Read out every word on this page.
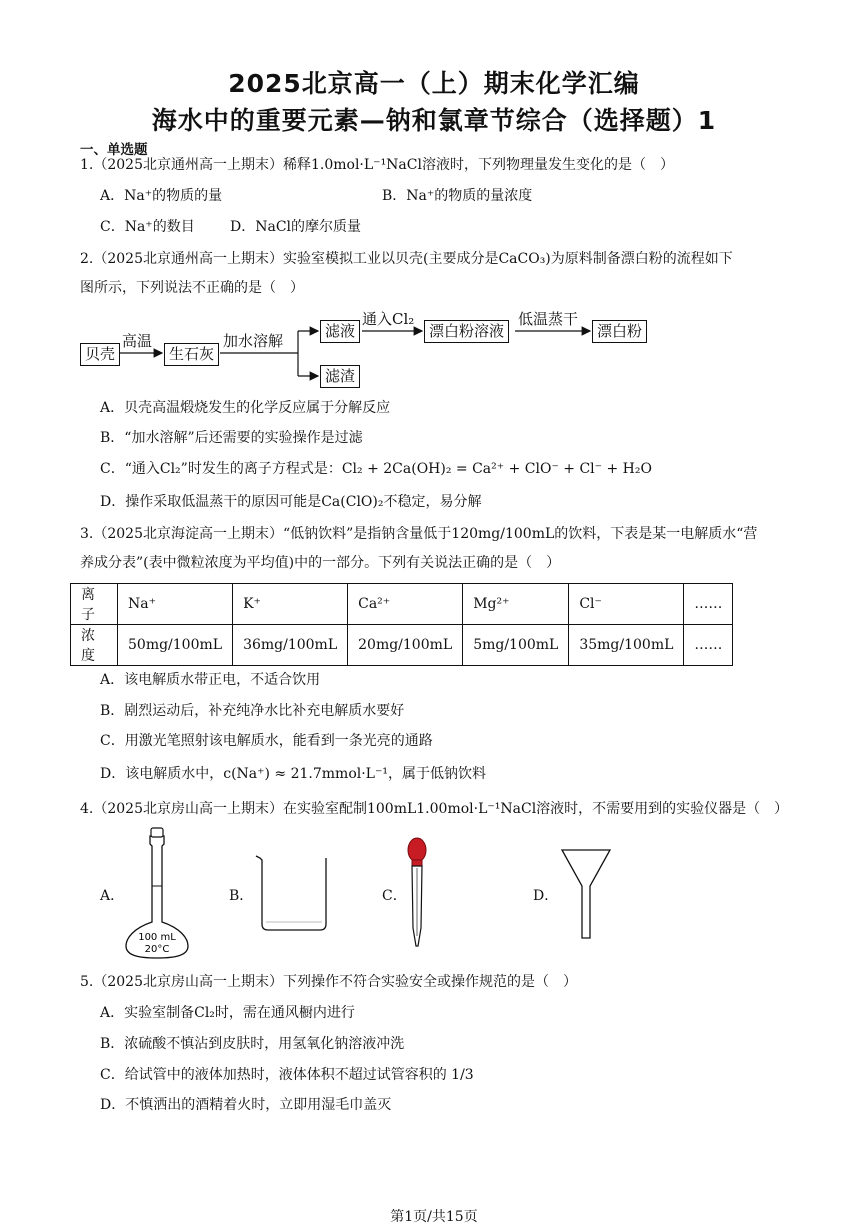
2025北京高一（上）期末化学汇编
海水中的重要元素—钠和氯章节综合（选择题）1
一、单选题
1.（2025北京通州高一上期末）稀释1.0mol·L⁻¹NaCl溶液时，下列物理量发生变化的是（　）
A．Na⁺的物质的量	B．Na⁺的物质的量浓度
C．Na⁺的数目	D．NaCl的摩尔质量
2.（2025北京通州高一上期末）实验室模拟工业以贝壳(主要成分是CaCO₃)为原料制备漂白粉的流程如下
图所示，下列说法不正确的是（　）
贝壳
高温
生石灰
加水溶解
滤液
滤渣
通入Cl₂
漂白粉溶液
低温蒸干
漂白粉
A．贝壳高温煅烧发生的化学反应属于分解反应
B．“加水溶解”后还需要的实验操作是过滤
C．“通入Cl₂”时发生的离子方程式是：Cl₂ + 2Ca(OH)₂ = Ca²⁺ + ClO⁻ + Cl⁻ + H₂O
D．操作采取低温蒸干的原因可能是Ca(ClO)₂不稳定，易分解
3.（2025北京海淀高一上期末）“低钠饮料”是指钠含量低于120mg/100mL的饮料，下表是某一电解质水“营
养成分表”(表中微粒浓度为平均值)中的一部分。下列有关说法正确的是（　）
离子	Na⁺	K⁺	Ca²⁺	Mg²⁺	Cl⁻	……
浓度	50mg/100mL	36mg/100mL	20mg/100mL	5mg/100mL	35mg/100mL	……
A．该电解质水带正电，不适合饮用
B．剧烈运动后，补充纯净水比补充电解质水要好
C．用激光笔照射该电解质水，能看到一条光亮的通路
D．该电解质水中，c(Na⁺) ≈ 21.7mmol·L⁻¹，属于低钠饮料
4.（2025北京房山高一上期末）在实验室配制100mL1.00mol·L⁻¹NaCl溶液时，不需要用到的实验仪器是（　）
A．
100 mL
20°C
B．	C．	D．
5.（2025北京房山高一上期末）下列操作不符合实验安全或操作规范的是（　）
A．实验室制备Cl₂时，需在通风橱内进行
B．浓硫酸不慎沾到皮肤时，用氢氧化钠溶液冲洗
C．给试管中的液体加热时，液体体积不超过试管容积的 1/3
D．不慎洒出的酒精着火时，立即用湿毛巾盖灭
第1页/共15页
